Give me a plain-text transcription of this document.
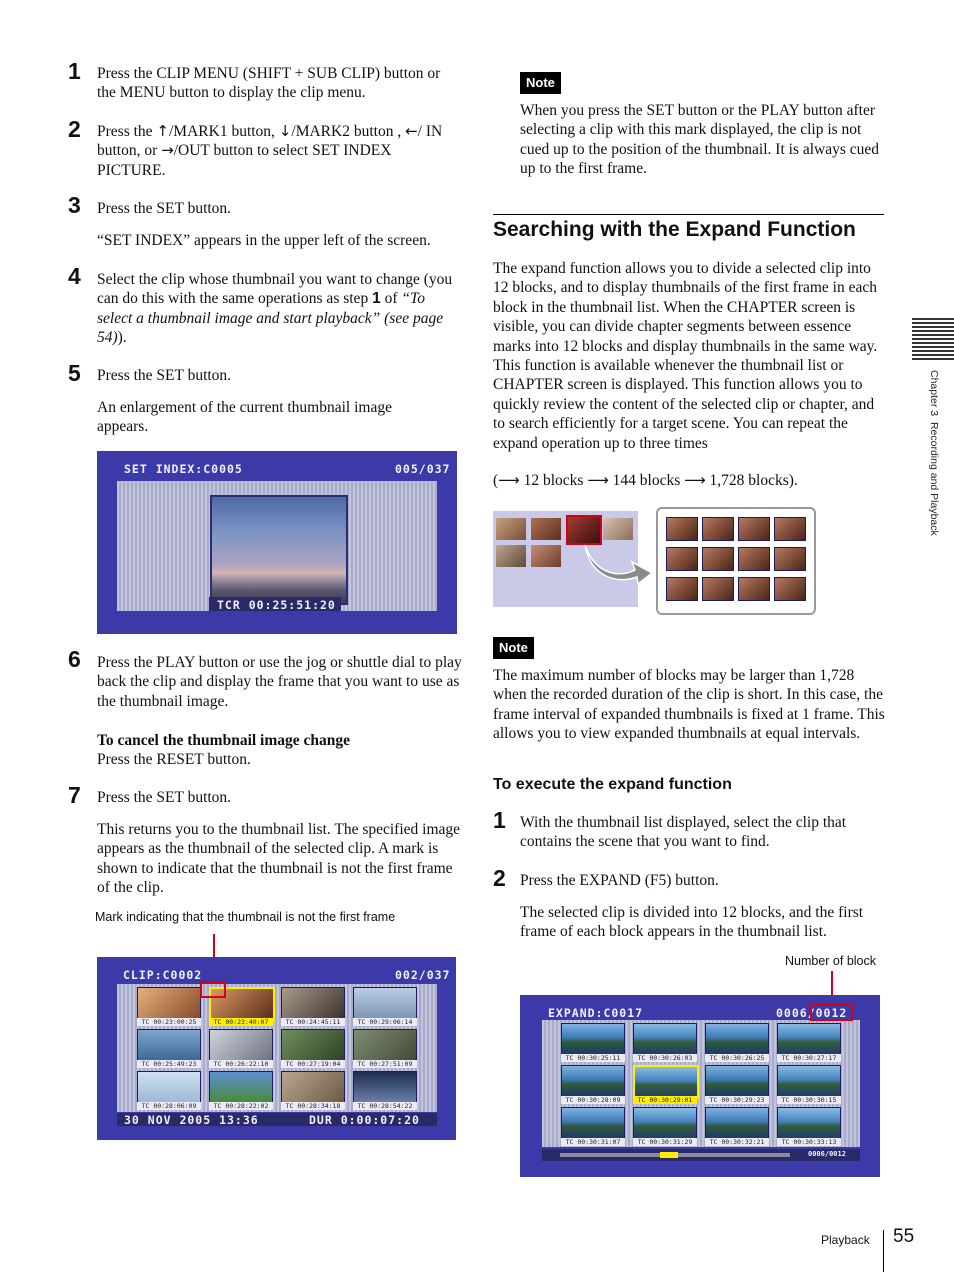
1 Press the CLIP MENU (SHIFT + SUB CLIP) button or the MENU button to display the clip menu.
2 Press the ↑/MARK1 button, ↓/MARK2 button , ←/ IN button, or →/OUT button to select SET INDEX PICTURE.
3 Press the SET button.
“SET INDEX” appears in the upper left of the screen.
4 Select the clip whose thumbnail you want to change (you can do this with the same operations as step 1 of “To select a thumbnail image and start playback” (see page 54)).
5 Press the SET button.
An enlargement of the current thumbnail image appears.
SET INDEX:C0005	005/037
TCR 00:25:51:20
6 Press the PLAY button or use the jog or shuttle dial to play back the clip and display the frame that you want to use as the thumbnail image.
To cancel the thumbnail image change
Press the RESET button.
7 Press the SET button.
This returns you to the thumbnail list. The specified image appears as the thumbnail of the selected clip. A mark is shown to indicate that the thumbnail is not the first frame of the clip.
Mark indicating that the thumbnail is not the first frame
CLIP:C0002	002/037
30 NOV 2005 13:36	DUR 0:00:07:20
TC 00:23:00:25	TC 00:23:40:07	TC 00:24:45:11	TC 00:29:06:14
TC 00:25:49:23	TC 00:26:22:10	TC 00:27:19:04	TC 00:27:51:09
TC 00:28:06:09	TC 00:28:22:02	TC 00:28:34:18	TC 00:28:54:22
Note
When you press the SET button or the PLAY button after selecting a clip with this mark displayed, the clip is not cued up to the position of the thumbnail. It is always cued up to the first frame.
Searching with the Expand Function
The expand function allows you to divide a selected clip into 12 blocks, and to display thumbnails of the first frame in each block in the thumbnail list. When the CHAPTER screen is visible, you can divide chapter segments between essence marks into 12 blocks and display thumbnails in the same way. This function is available whenever the thumbnail list or CHAPTER screen is displayed. This function allows you to quickly review the content of the selected clip or chapter, and to search efficiently for a target scene. You can repeat the expand operation up to three times
(⟶ 12 blocks ⟶ 144 blocks ⟶ 1,728 blocks).
Note
The maximum number of blocks may be larger than 1,728 when the recorded duration of the clip is short. In this case, the frame interval of expanded thumbnails is fixed at 1 frame. This allows you to view expanded thumbnails at equal intervals.
To execute the expand function
1 With the thumbnail list displayed, select the clip that contains the scene that you want to find.
2 Press the EXPAND (F5) button.
The selected clip is divided into 12 blocks, and the first frame of each block appears in the thumbnail list.
Number of block
EXPAND:C0017	0006/0012
0006/0012
TC 00:30:25:11	TC 00:30:26:03	TC 00:30:26:25	TC 00:30:27:17
TC 00:30:28:09	TC 00:30:29:01	TC 00:30:29:23	TC 00:30:30:15
TC 00:30:31:07	TC 00:30:31:29	TC 00:30:32:21	TC 00:30:33:13
Chapter 3  Recording and Playback
Playback 55
